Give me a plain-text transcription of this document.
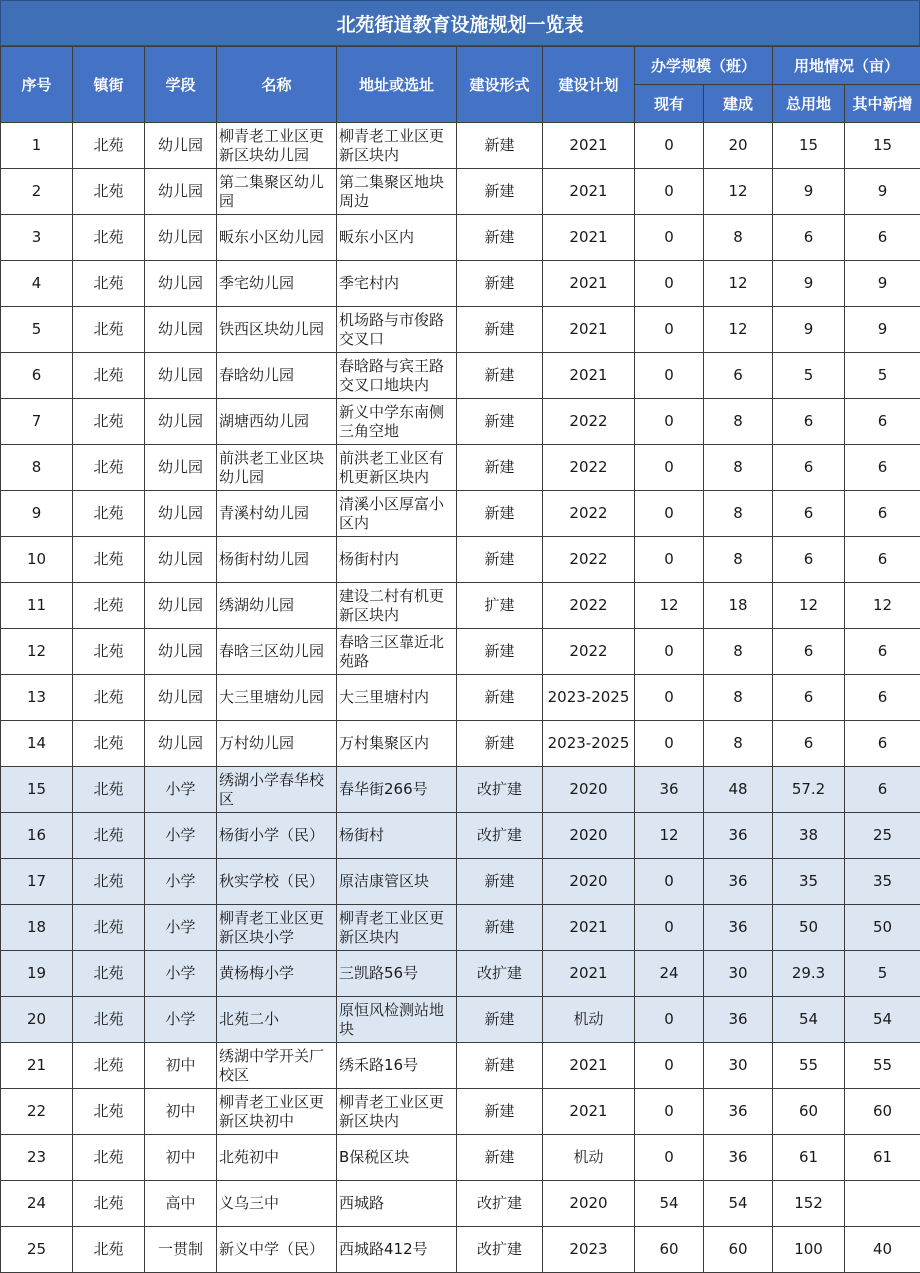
北苑街道教育设施规划一览表
序号	镇街	学段	名称	地址或选址	建设形式	建设计划	办学规模（班）		用地情况（亩）	
							现有	建成	总用地	其中新增
1	北苑	幼儿园	柳青老工业区更新区块幼儿园	柳青老工业区更新区块内	新建	2021	0	20	15	15
2	北苑	幼儿园	第二集聚区幼儿园	第二集聚区地块周边	新建	2021	0	12	9	9
3	北苑	幼儿园	畈东小区幼儿园	畈东小区内	新建	2021	0	8	6	6
4	北苑	幼儿园	季宅幼儿园	季宅村内	新建	2021	0	12	9	9
5	北苑	幼儿园	铁西区块幼儿园	机场路与市俊路交叉口	新建	2021	0	12	9	9
6	北苑	幼儿园	春晗幼儿园	春晗路与宾王路交叉口地块内	新建	2021	0	6	5	5
7	北苑	幼儿园	湖塘西幼儿园	新义中学东南侧三角空地	新建	2022	0	8	6	6
8	北苑	幼儿园	前洪老工业区块幼儿园	前洪老工业区有机更新区块内	新建	2022	0	8	6	6
9	北苑	幼儿园	青溪村幼儿园	清溪小区厚富小区内	新建	2022	0	8	6	6
10	北苑	幼儿园	杨街村幼儿园	杨街村内	新建	2022	0	8	6	6
11	北苑	幼儿园	绣湖幼儿园	建设二村有机更新区块内	扩建	2022	12	18	12	12
12	北苑	幼儿园	春晗三区幼儿园	春晗三区靠近北苑路	新建	2022	0	8	6	6
13	北苑	幼儿园	大三里塘幼儿园	大三里塘村内	新建	2023-2025	0	8	6	6
14	北苑	幼儿园	万村幼儿园	万村集聚区内	新建	2023-2025	0	8	6	6
15	北苑	小学	绣湖小学春华校区	春华街266号	改扩建	2020	36	48	57.2	6
16	北苑	小学	杨街小学（民）	杨街村	改扩建	2020	12	36	38	25
17	北苑	小学	秋实学校（民）	原洁康管区块	新建	2020	0	36	35	35
18	北苑	小学	柳青老工业区更新区块小学	柳青老工业区更新区块内	新建	2021	0	36	50	50
19	北苑	小学	黄杨梅小学	三凯路56号	改扩建	2021	24	30	29.3	5
20	北苑	小学	北苑二小	原恒风检测站地块	新建	机动	0	36	54	54
21	北苑	初中	绣湖中学开关厂校区	绣禾路16号	新建	2021	0	30	55	55
22	北苑	初中	柳青老工业区更新区块初中	柳青老工业区更新区块内	新建	2021	0	36	60	60
23	北苑	初中	北苑初中	B保税区块	新建	机动	0	36	61	61
24	北苑	高中	义乌三中	西城路	改扩建	2020	54	54	152	
25	北苑	一贯制	新义中学（民）	西城路412号	改扩建	2023	60	60	100	40
